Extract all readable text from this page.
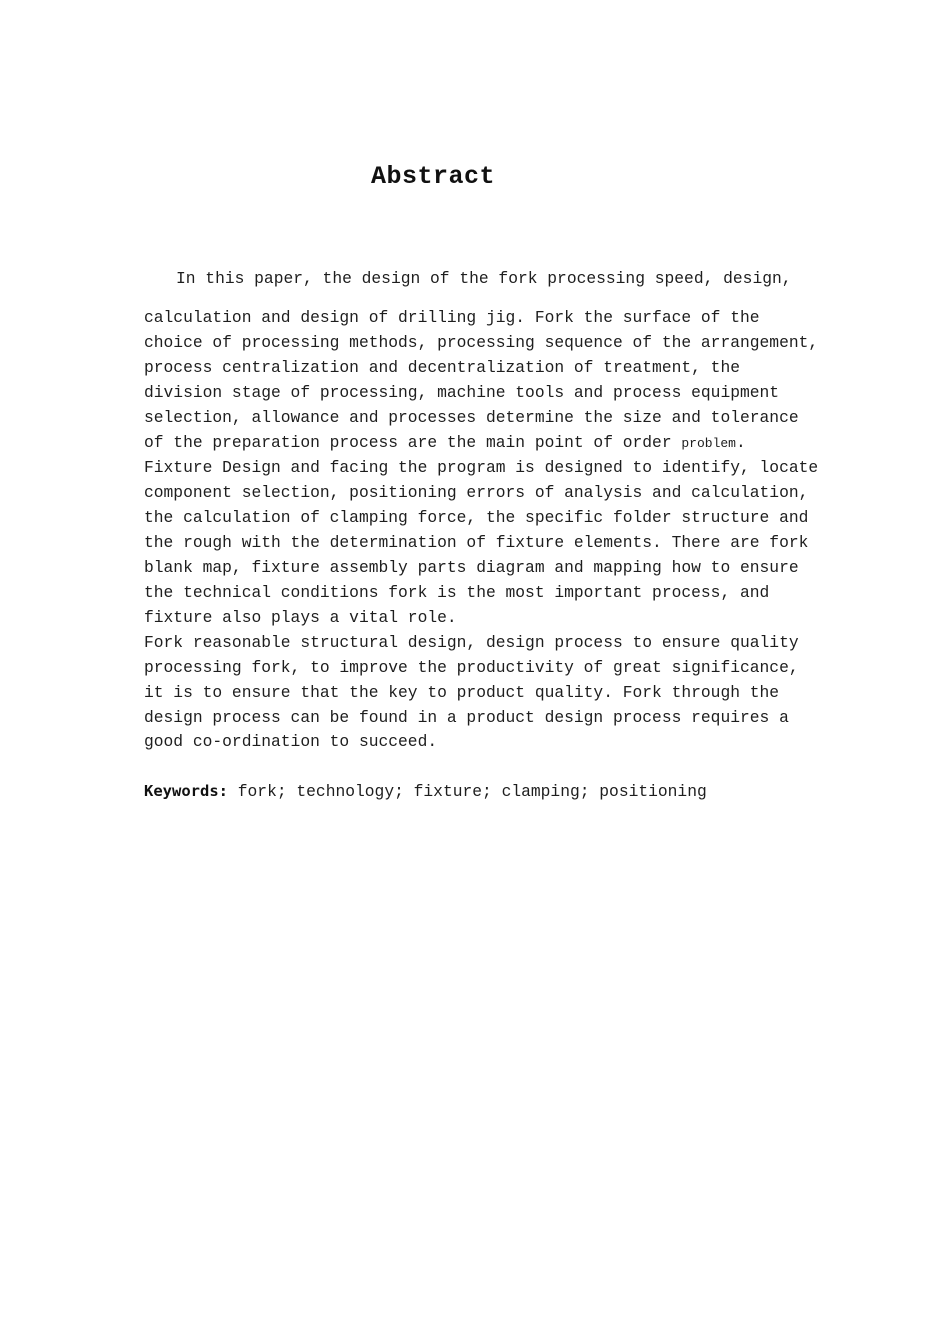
Abstract

In this paper, the design of the fork processing speed, design,

calculation and design of drilling jig. Fork the surface of the
choice of processing methods, processing sequence of the arrangement,
process centralization and decentralization of treatment, the
division stage of processing, machine tools and process equipment
selection, allowance and processes determine the size and tolerance
of the preparation process are the main point of order problem.
Fixture Design and facing the program is designed to identify, locate
component selection, positioning errors of analysis and calculation,
the calculation of clamping force, the specific folder structure and
the rough with the determination of fixture elements. There are fork
blank map, fixture assembly parts diagram and mapping how to ensure
the technical conditions fork is the most important process, and
fixture also plays a vital role.
Fork reasonable structural design, design process to ensure quality
processing fork, to improve the productivity of great significance,
it is to ensure that the key to product quality. Fork through the
design process can be found in a product design process requires a
good co-ordination to succeed.

Keywords: fork; technology; fixture; clamping; positioning
